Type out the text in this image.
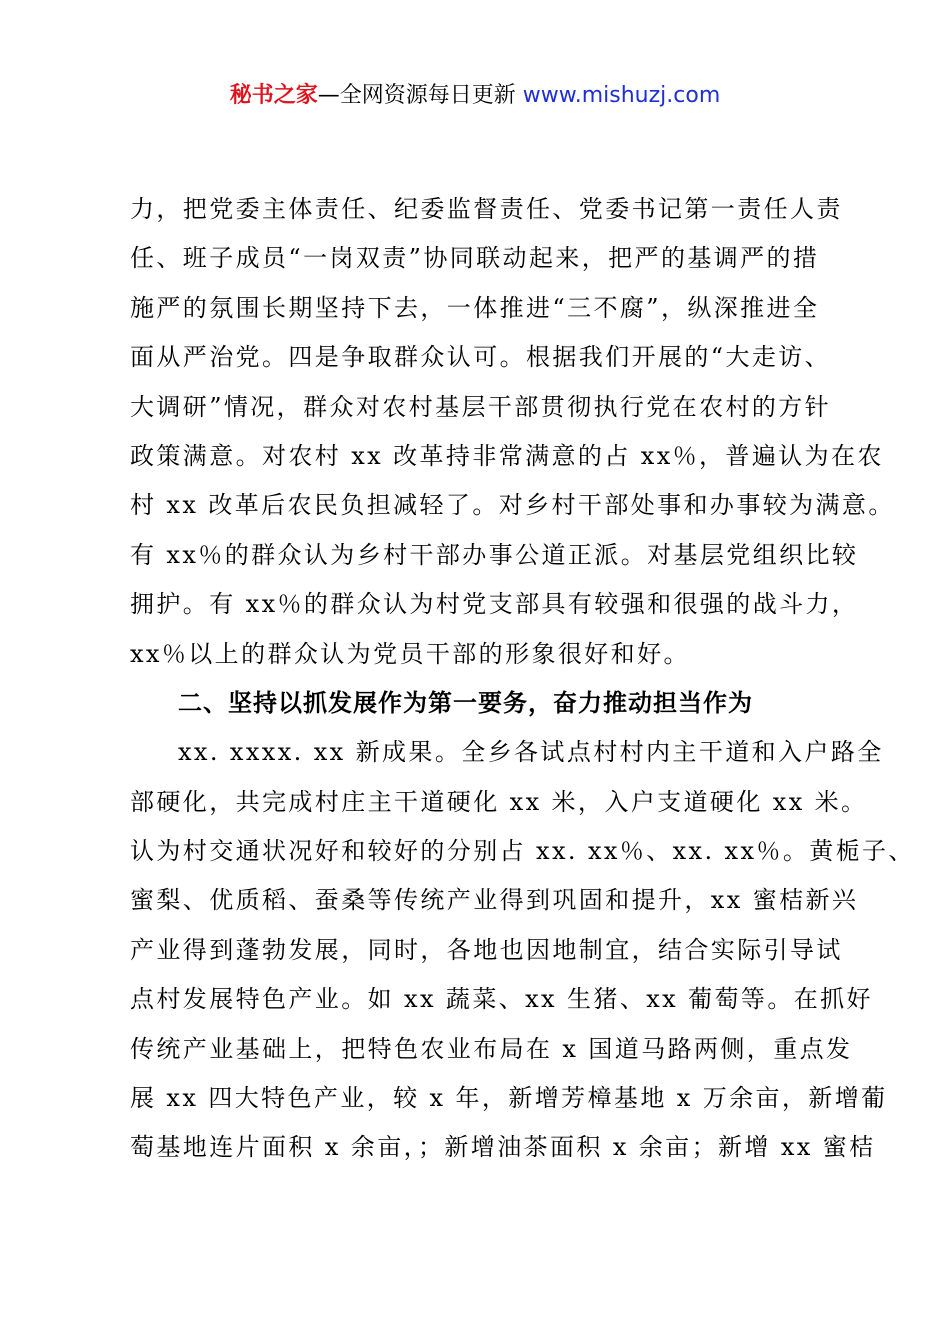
秘书之家—全网资源每日更新 www.mishuzj.com
力，把党委主体责任、纪委监督责任、党委书记第一责任人责
任、班子成员“一岗双责”协同联动起来，把严的基调严的措
施严的氛围长期坚持下去，一体推进“三不腐”，纵深推进全
面从严治党。四是争取群众认可。根据我们开展的“大走访、
大调研”情况，群众对农村基层干部贯彻执行党在农村的方针
政策满意。对农村 xx 改革持非常满意的占 xx％，普遍认为在农
村 xx 改革后农民负担减轻了。对乡村干部处事和办事较为满意。
有 xx％的群众认为乡村干部办事公道正派。对基层党组织比较
拥护。有 xx％的群众认为村党支部具有较强和很强的战斗力，
xx％以上的群众认为党员干部的形象很好和好。
二、坚持以抓发展作为第一要务，奋力推动担当作为
xx. xxxx. xx 新成果。全乡各试点村村内主干道和入户路全
部硬化，共完成村庄主干道硬化 xx 米，入户支道硬化 xx 米。
认为村交通状况好和较好的分别占 xx. xx％、xx. xx％。黄栀子、
蜜梨、优质稻、蚕桑等传统产业得到巩固和提升，xx 蜜桔新兴
产业得到蓬勃发展，同时，各地也因地制宜，结合实际引导试
点村发展特色产业。如 xx 蔬菜、xx 生猪、xx 葡萄等。在抓好
传统产业基础上，把特色农业布局在 x 国道马路两侧，重点发
展 xx 四大特色产业，较 x 年，新增芳樟基地 x 万余亩，新增葡
萄基地连片面积 x 余亩，；新增油茶面积 x 余亩；新增 xx 蜜桔
